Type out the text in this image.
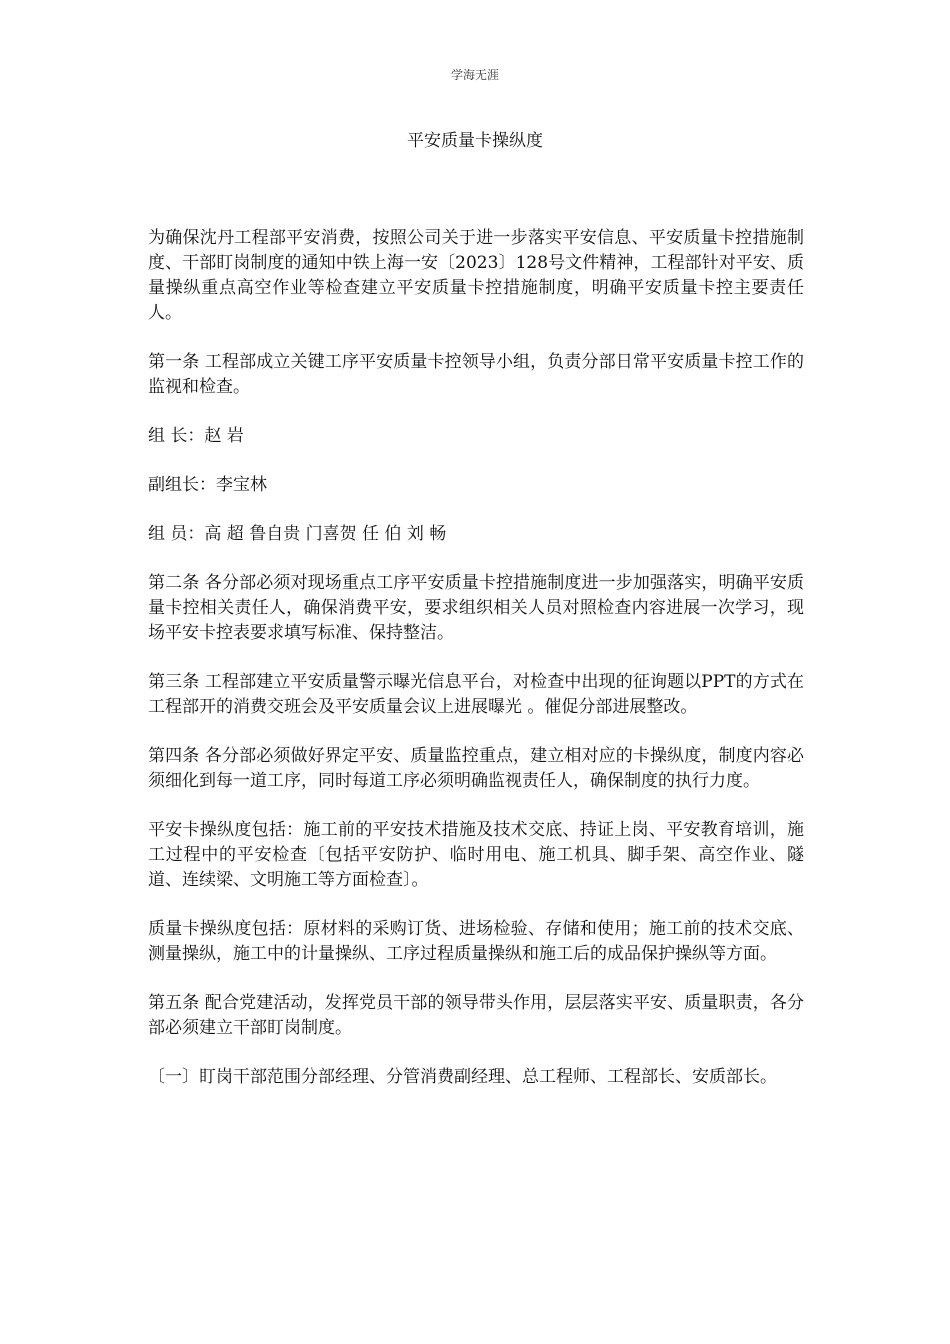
学海无涯
平安质量卡操纵度

为确保沈丹工程部平安消费，按照公司关于进一步落实平安信息、平安质量卡控措施制度、干部盯岗制度的通知中铁上海一安〔2023〕128号文件精神，工程部针对平安、质量操纵重点高空作业等检查建立平安质量卡控措施制度，明确平安质量卡控主要责任人。

第一条 工程部成立关键工序平安质量卡控领导小组，负责分部日常平安质量卡控工作的监视和检查。

组 长：赵 岩

副组长：李宝林

组 员：高 超 鲁自贵 门喜贺 任 伯 刘 畅

第二条 各分部必须对现场重点工序平安质量卡控措施制度进一步加强落实，明确平安质量卡控相关责任人，确保消费平安，要求组织相关人员对照检查内容进展一次学习，现场平安卡控表要求填写标准、保持整洁。

第三条 工程部建立平安质量警示曝光信息平台，对检查中出现的征询题以PPT的方式在工程部开的消费交班会及平安质量会议上进展曝光 。催促分部进展整改。

第四条 各分部必须做好界定平安、质量监控重点，建立相对应的卡操纵度，制度内容必须细化到每一道工序，同时每道工序必须明确监视责任人，确保制度的执行力度。

平安卡操纵度包括：施工前的平安技术措施及技术交底、持证上岗、平安教育培训，施工过程中的平安检查〔包括平安防护、临时用电、施工机具、脚手架、高空作业、隧道、连续梁、文明施工等方面检查〕。

质量卡操纵度包括：原材料的采购订货、进场检验、存储和使用；施工前的技术交底、测量操纵，施工中的计量操纵、工序过程质量操纵和施工后的成品保护操纵等方面。

第五条 配合党建活动，发挥党员干部的领导带头作用，层层落实平安、质量职责，各分部必须建立干部盯岗制度。

〔一〕盯岗干部范围分部经理、分管消费副经理、总工程师、工程部长、安质部长。
